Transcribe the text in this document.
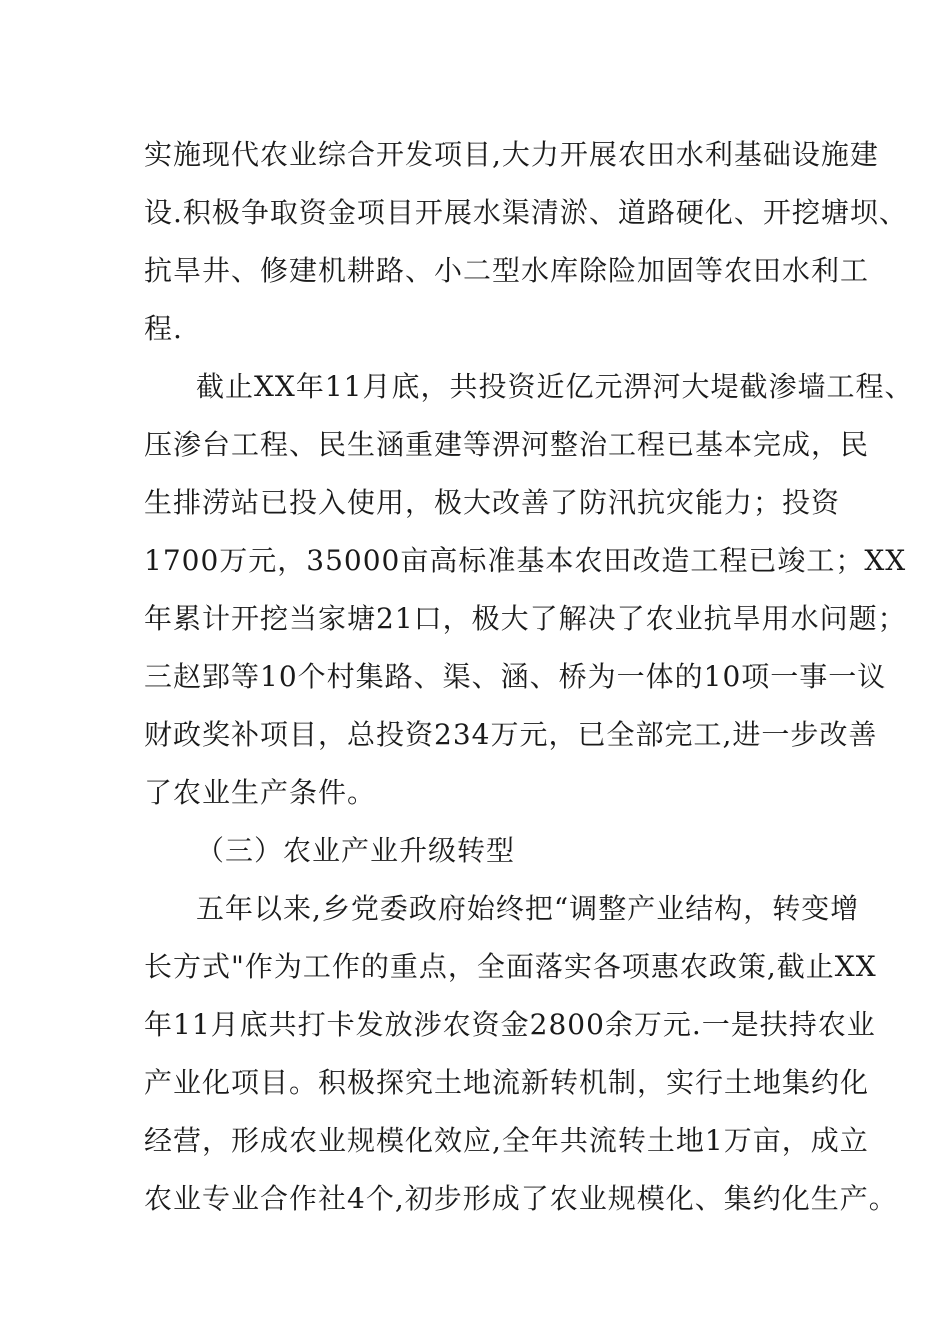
实施现代农业综合开发项目,大力开展农田水利基础设施建
设.积极争取资金项目开展水渠清淤、道路硬化、开挖塘坝、
抗旱井、修建机耕路、小二型水库除险加固等农田水利工
程.
截止XX年11月底，共投资近亿元淠河大堤截渗墙工程、
压渗台工程、民生涵重建等淠河整治工程已基本完成，民
生排涝站已投入使用，极大改善了防汛抗灾能力；投资
1700万元，35000亩高标准基本农田改造工程已竣工；XX
年累计开挖当家塘21口，极大了解决了农业抗旱用水问题；
三赵郢等10个村集路、渠、涵、桥为一体的10项一事一议
财政奖补项目，总投资234万元，已全部完工,进一步改善
了农业生产条件。
（三）农业产业升级转型
五年以来,乡党委政府始终把“调整产业结构，转变增
长方式"作为工作的重点，全面落实各项惠农政策,截止XX
年11月底共打卡发放涉农资金2800余万元.一是扶持农业
产业化项目。积极探究土地流新转机制，实行土地集约化
经营，形成农业规模化效应,全年共流转土地1万亩，成立
农业专业合作社4个,初步形成了农业规模化、集约化生产。
